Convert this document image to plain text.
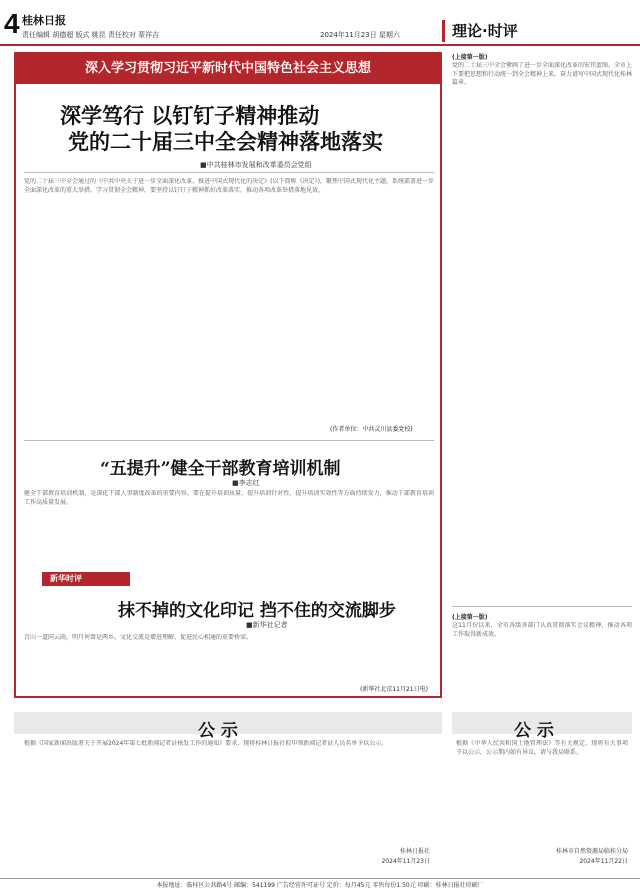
4 桂林日报
责任编辑 胡德超 版式 姚昆 责任校对 蒙祥吉	2024年11月23日 星期六	理论·时评
深入学习贯彻习近平新时代中国特色社会主义思想
深学笃行 以钉钉子精神推动
党的二十届三中全会精神落地落实
■中共桂林市发展和改革委员会党组
党的二十届三中全会通过的《中共中央关于进一步全面深化改革、推进中国式现代化的决定》(以下简称《决定》)，聚焦中国式现代化主题，系统部署进一步全面深化改革的重大举措。学习贯彻全会精神，要坚持以钉钉子精神抓好改革落实，推动各项改革举措落地见效。
(作者单位：中共灵川县委党校)
“五提升”健全干部教育培训机制
■李志红
健全干部教育培训机制，是深化干部人事制度改革的重要内容。要在提升培训质量、提升培训针对性、提升培训实效性等方面持续发力，推动干部教育培训工作高质量发展。
新华时评
抹不掉的文化印记 挡不住的交流脚步
■新华社记者
青山一道同云雨，明月何曾是两乡。文化交流是增进理解、促进民心相通的重要桥梁。
(新华社北京11月21日电)
(上接第一版)
党的二十届三中全会擘画了进一步全面深化改革的宏伟蓝图。全市上下要把思想和行动统一到全会精神上来，奋力谱写中国式现代化桂林篇章。
(上接第一版)
这11月份以来，全市各级各部门认真贯彻落实会议精神，推动各项工作取得新成效。
公 示
根据《国家新闻出版署关于开展2024年第七批新闻记者证核发工作的通知》要求，现将桂林日报社拟申领新闻记者证人员名单予以公示。
桂林日报社
2024年11月23日
公 示
根据《中华人民共和国土地管理法》等有关规定，现将有关事项予以公示，公示期内如有异议，请与我局联系。
桂林市自然资源局临桂分局
2024年11月22日
本报地址：临桂区公共路4号 邮编：541199 广告经营许可证号 定价：每月45元 零售每份1.50元 印刷：桂林日报社印刷厂
